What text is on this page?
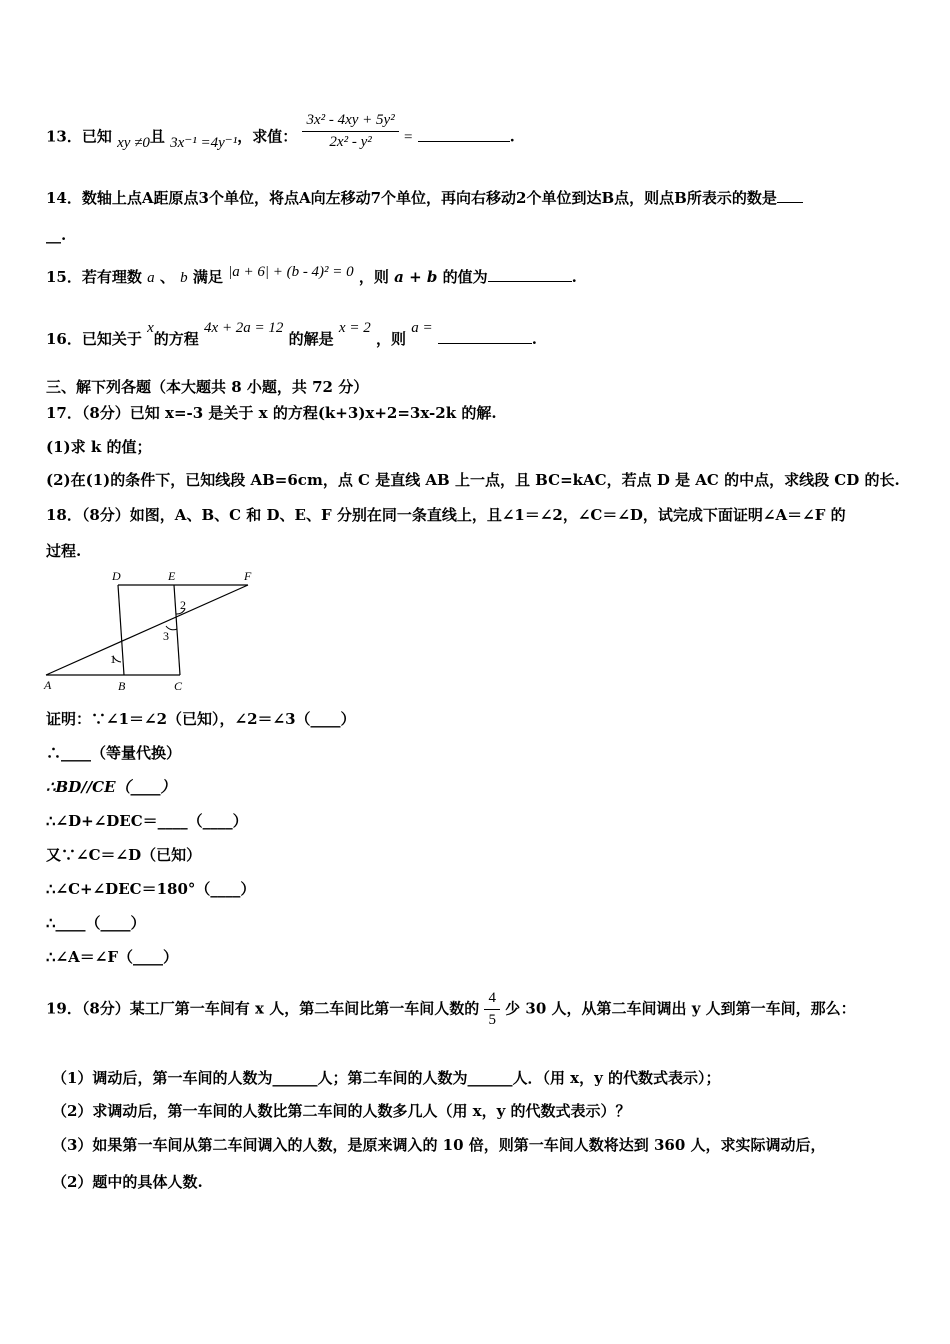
13．已知 xy ≠0且 3x⁻¹ =4y⁻¹，求值： $\frac{\text{3x² - 4xy + 5y²}}{\text{2x² - y²}}$ =	.
14．数轴上点A距原点3个单位，将点A向左移动7个单位，再向右移动2个单位到达B点，则点B所表示的数是
__.
15．若有理数 a 、 b 满足 |a + 6| + (b - 4)² = 0 ，则 a + b 的值为	.
16．已知关于 x的方程 4x + 2a = 12 的解是 x = 2 ，则 a = .
三、解下列各题（本大题共 8 小题，共 72 分）
17．（8分）已知 x=-3 是关于 x 的方程(k+3)x+2=3x-2k 的解.
(1)求 k 的值；
(2)在(1)的条件下，已知线段 AB=6cm，点 C 是直线 AB 上一点，且 BC=kAC，若点 D 是 AC 的中点，求线段 CD 的长.
18．（8分）如图，A、B、C 和 D、E、F 分别在同一条直线上，且∠1＝∠2，∠C＝∠D，试完成下面证明∠A＝∠F 的
过程.
D	E	F
A	B	C
1
2
3
证明：∵∠1＝∠2（已知），∠2＝∠3（____）
∴____（等量代换）
∴BD//CE（____）
∴∠D+∠DEC＝____（____）
又∵∠C＝∠D（已知）
∴∠C+∠DEC＝180°（____）
∴____（____）
∴∠A＝∠F（____）
19．（8分）某工厂第一车间有 x 人，第二车间比第一车间人数的 $\frac{4}{5}$ 少 30 人，从第二车间调出 y 人到第一车间，那么：
（1）调动后，第一车间的人数为______人；第二车间的人数为______人．（用 x，y 的代数式表示）；
（2）求调动后，第一车间的人数比第二车间的人数多几人（用 x，y 的代数式表示）？
（3）如果第一车间从第二车间调入的人数，是原来调入的 10 倍，则第一车间人数将达到 360 人，求实际调动后，
（2）题中的具体人数.
